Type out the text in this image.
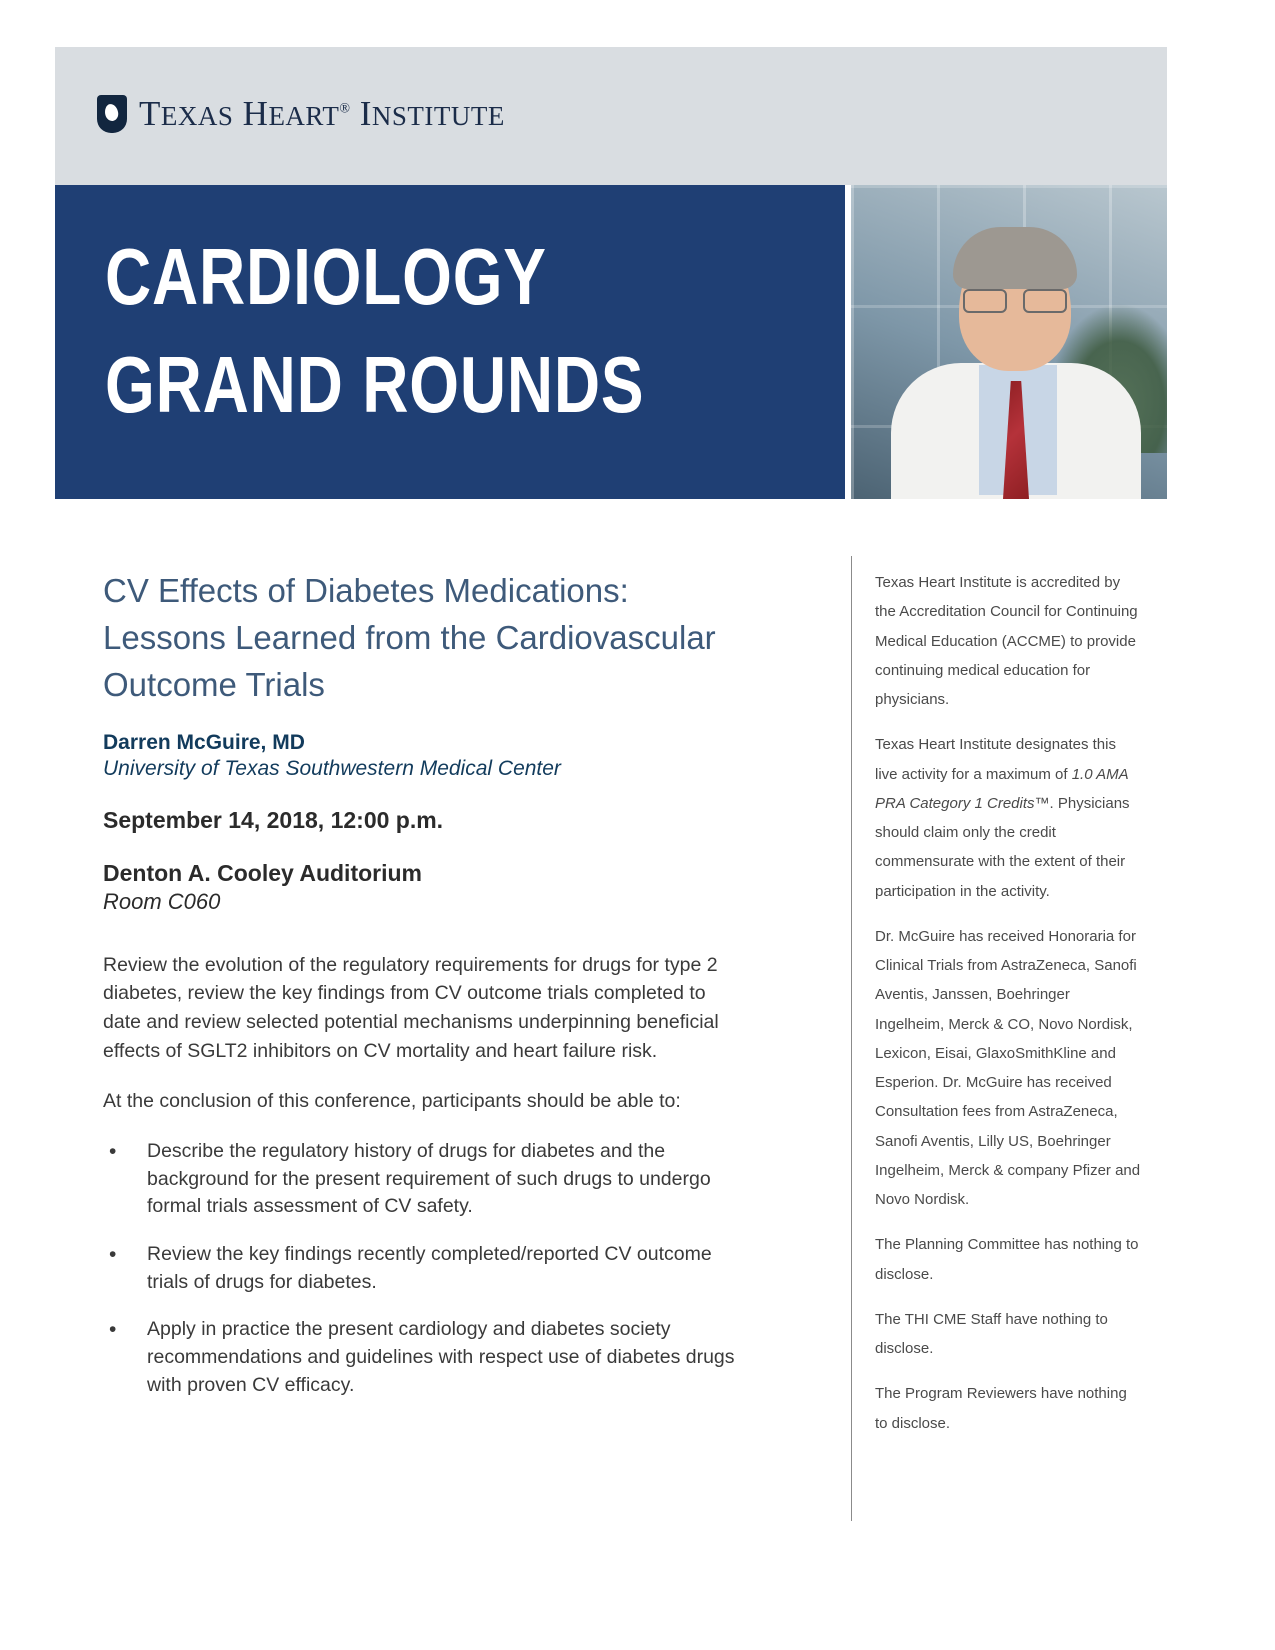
TEXAS HEART® INSTITUTE
CARDIOLOGY
GRAND ROUNDS
CV Effects of Diabetes Medications: Lessons Learned from the Cardiovascular Outcome Trials

Darren McGuire, MD

University of Texas Southwestern Medical Center

September 14, 2018, 12:00 p.m.

Denton A. Cooley Auditorium

Room C060

Review the evolution of the regulatory requirements for drugs for type 2 diabetes, review the key findings from CV outcome trials completed to date and review selected potential mechanisms underpinning beneficial effects of SGLT2 inhibitors on CV mortality and heart failure risk.

At the conclusion of this conference, participants should be able to:

• Describe the regulatory history of drugs for diabetes and the background for the present requirement of such drugs to undergo formal trials assessment of CV safety.
• Review the key findings recently completed/reported CV outcome trials of drugs for diabetes.
• Apply in practice the present cardiology and diabetes society recommendations and guidelines with respect use of diabetes drugs with proven CV efficacy.

Texas Heart Institute is accredited by the Accreditation Council for Continuing Medical Education (ACCME) to provide continuing medical education for physicians.

Texas Heart Institute designates this live activity for a maximum of 1.0 AMA PRA Category 1 Credits™. Physicians should claim only the credit commensurate with the extent of their participation in the activity.

Dr. McGuire has received Honoraria for Clinical Trials from AstraZeneca, Sanofi Aventis, Janssen, Boehringer Ingelheim, Merck & CO, Novo Nordisk, Lexicon, Eisai, GlaxoSmithKline and Esperion. Dr. McGuire has received Consultation fees from AstraZeneca, Sanofi Aventis, Lilly US, Boehringer Ingelheim, Merck & company Pfizer and Novo Nordisk.

The Planning Committee has nothing to disclose.

The THI CME Staff have nothing to disclose.

The Program Reviewers have nothing to disclose.
